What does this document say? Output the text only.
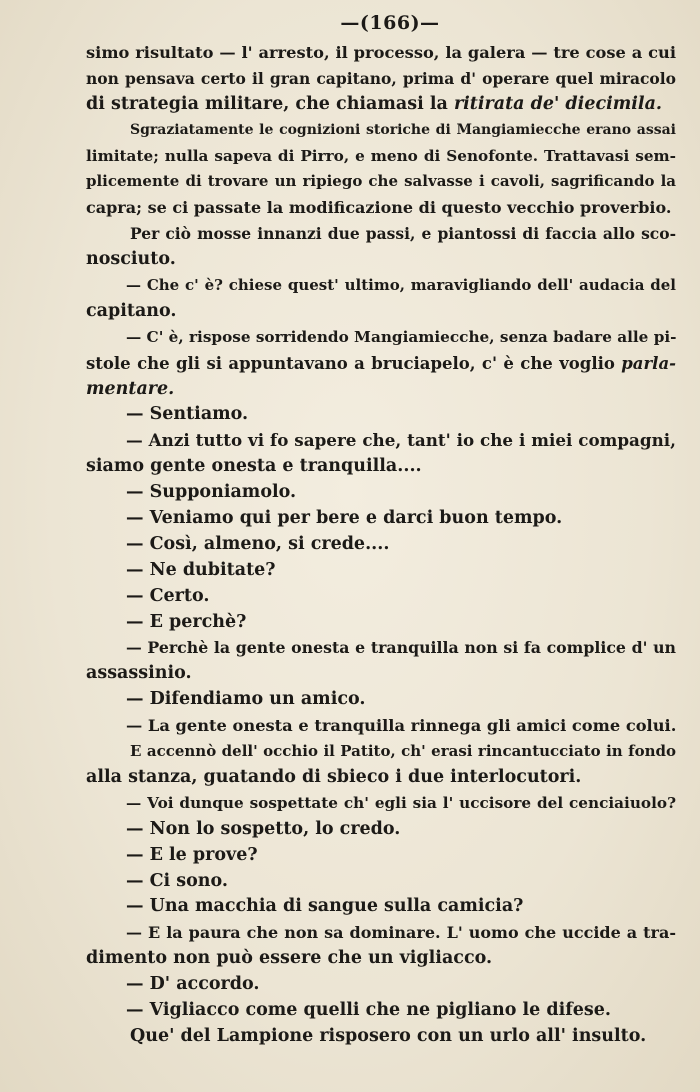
—(166)—

simo risultato — l' arresto, il processo, la galera — tre cose a cui

non pensava certo il gran capitano, prima d' operare quel miracolo

di strategia militare, che chiamasi la ritirata de' diecimila.

Sgraziatamente le cognizioni storiche di Mangiamiecche erano assai

limitate; nulla sapeva di Pirro, e meno di Senofonte. Trattavasi sem-

plicemente di trovare un ripiego che salvasse i cavoli, sagrificando la

capra; se ci passate la modificazione di questo vecchio proverbio.

Per ciò mosse innanzi due passi, e piantossi di faccia allo sco-

nosciuto.

— Che c' è? chiese quest' ultimo, maravigliando dell' audacia del

capitano.

— C' è, rispose sorridendo Mangiamiecche, senza badare alle pi-

stole che gli si appuntavano a bruciapelo, c' è che voglio parla-

mentare.

— Sentiamo.

— Anzi tutto vi fo sapere che, tant' io che i miei compagni,

siamo gente onesta e tranquilla....

— Supponiamolo.

— Veniamo qui per bere e darci buon tempo.

— Così, almeno, si crede....

— Ne dubitate?

— Certo.

— E perchè?

— Perchè la gente onesta e tranquilla non si fa complice d' un

assassinio.

— Difendiamo un amico.

— La gente onesta e tranquilla rinnega gli amici come colui.

E accennò dell' occhio il Patito, ch' erasi rincantucciato in fondo

alla stanza, guatando di sbieco i due interlocutori.

— Voi dunque sospettate ch' egli sia l' uccisore del cenciaiuolo?

— Non lo sospetto, lo credo.

— E le prove?

— Ci sono.

— Una macchia di sangue sulla camicia?

— E la paura che non sa dominare. L' uomo che uccide a tra-

dimento non può essere che un vigliacco.

— D' accordo.

— Vigliacco come quelli che ne pigliano le difese.

Que' del Lampione risposero con un urlo all' insulto.
